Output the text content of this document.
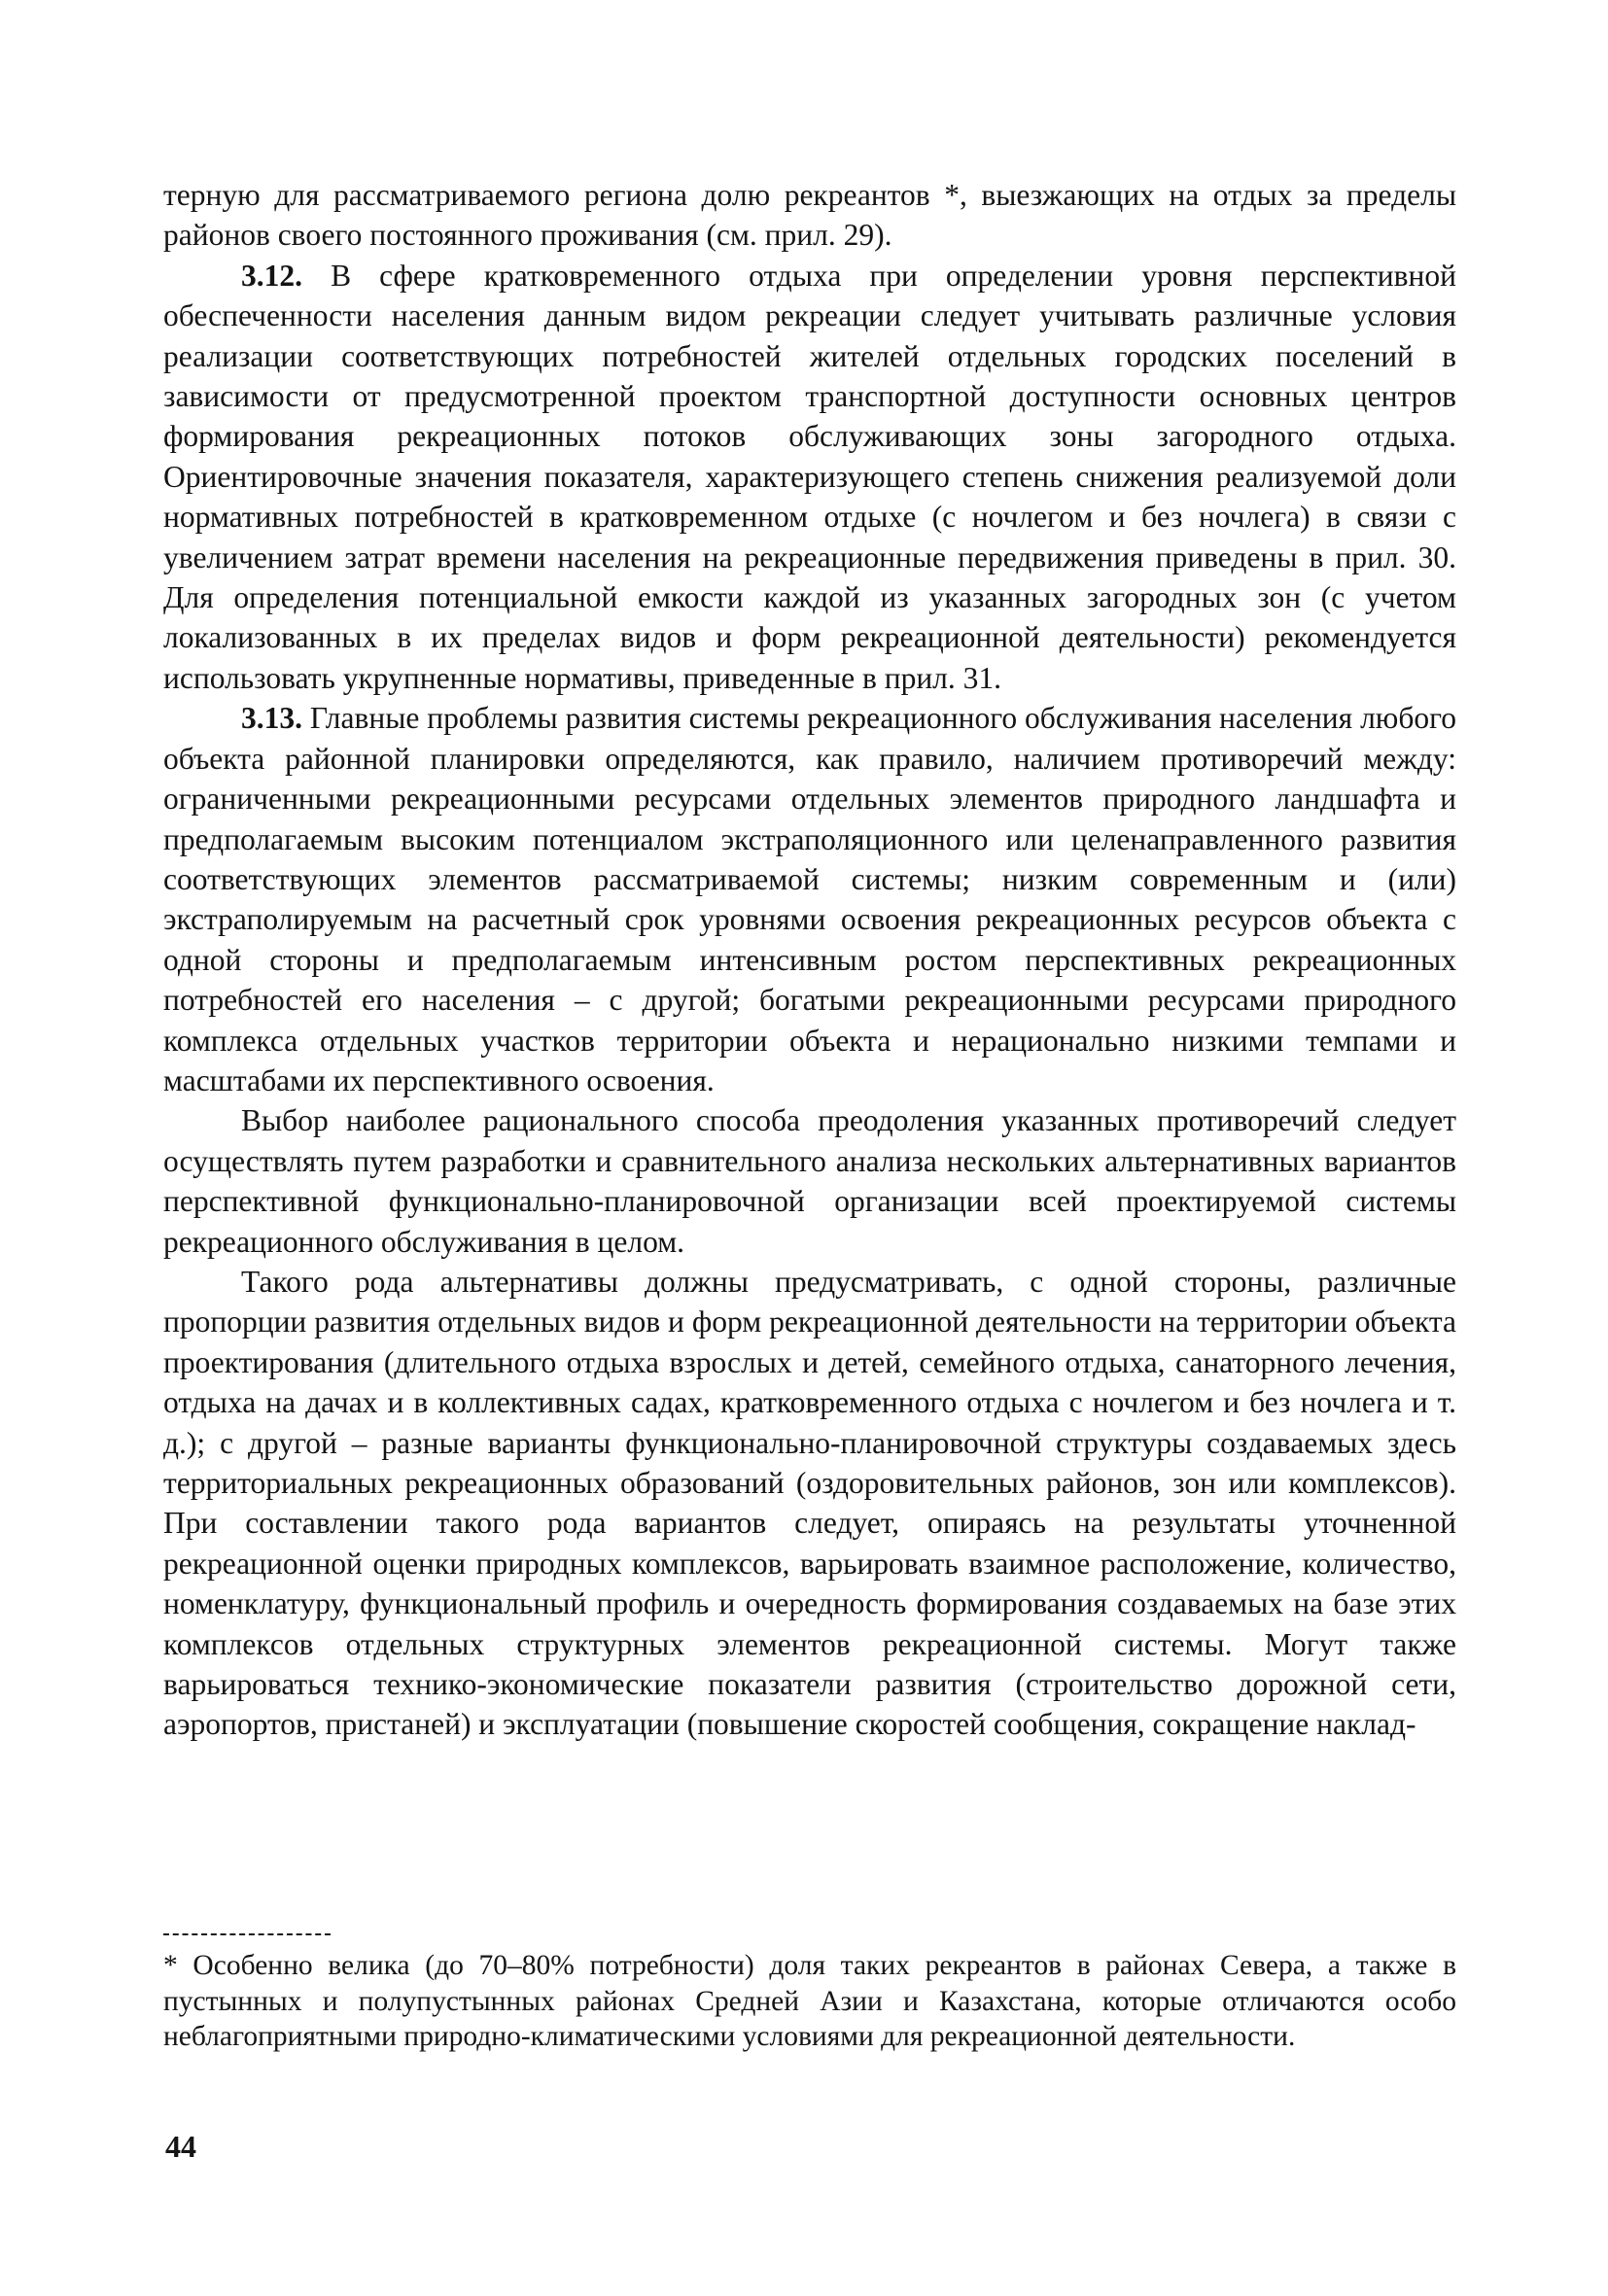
терную для рассматриваемого региона долю рекреантов *, выезжающих на отдых за пределы районов своего постоянного проживания (см. прил. 29).

3.12. В сфере кратковременного отдыха при определении уровня перспективной обеспеченности населения данным видом рекреации следует учитывать различные условия реализации соответствующих потребностей жителей отдельных городских поселений в зависимости от предусмотренной проектом транспортной доступности основных центров формирования рекреационных потоков обслуживающих зоны загородного отдыха. Ориентировочные значения показателя, характеризующего степень снижения реализуемой доли нормативных потребностей в кратковременном отдыхе (с ночлегом и без ночлега) в связи с увеличением затрат времени населения на рекреационные передвижения приведены в прил. 30. Для определения потенциальной емкости каждой из указанных загородных зон (с учетом локализованных в их пределах видов и форм рекреационной деятельности) рекомендуется использовать укрупненные нормативы, приведенные в прил. 31.

3.13. Главные проблемы развития системы рекреационного обслуживания населения любого объекта районной планировки определяются, как правило, наличием противоречий между: ограниченными рекреационными ресурсами отдельных элементов природного ландшафта и предполагаемым высоким потенциалом экстраполяционного или целенаправленного развития соответствующих элементов рассматриваемой системы; низким современным и (или) экстраполируемым на расчетный срок уровнями освоения рекреационных ресурсов объекта с одной стороны и предполагаемым интенсивным ростом перспективных рекреационных потребностей его населения – с другой; богатыми рекреационными ресурсами природного комплекса отдельных участков территории объекта и нерационально низкими темпами и масштабами их перспективного освоения.

Выбор наиболее рационального способа преодоления указанных противоречий следует осуществлять путем разработки и сравнительного анализа нескольких альтернативных вариантов перспективной функционально-планировочной организации всей проектируемой системы рекреационного обслуживания в целом.

Такого рода альтернативы должны предусматривать, с одной стороны, различные пропорции развития отдельных видов и форм рекреационной деятельности на территории объекта проектирования (длительного отдыха взрослых и детей, семейного отдыха, санаторного лечения, отдыха на дачах и в коллективных садах, кратковременного отдыха с ночлегом и без ночлега и т. д.); с другой – разные варианты функционально-планировочной структуры создаваемых здесь территориальных рекреационных образований (оздоровительных районов, зон или комплексов). При составлении такого рода вариантов следует, опираясь на результаты уточненной рекреационной оценки природных комплексов, варьировать взаимное расположение, количество, номенклатуру, функциональный профиль и очередность формирования создаваемых на базе этих комплексов отдельных структурных элементов рекреационной системы. Могут также варьироваться технико-экономические показатели развития (строительство дорожной сети, аэропортов, пристаней) и эксплуатации (повышение скоростей сообщения, сокращение наклад-

* Особенно велика (до 70–80% потребности) доля таких рекреантов в районах Севера, а также в пустынных и полупустынных районах Средней Азии и Казахстана, которые отличаются особо неблагоприятными природно-климатическими условиями для рекреационной деятельности.

44
